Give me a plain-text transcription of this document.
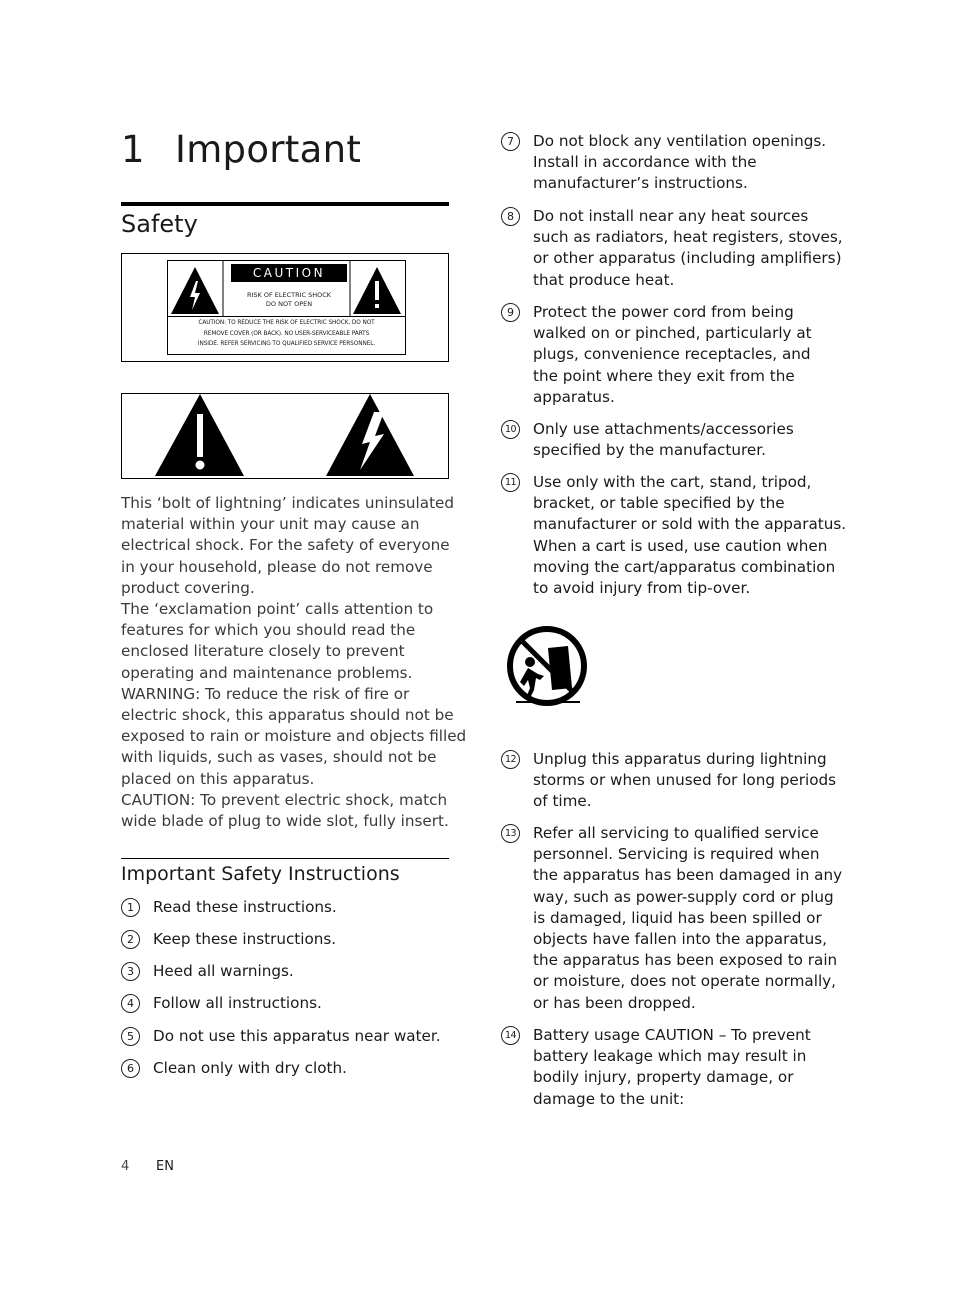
1 Important
Safety
CAUTION
RISK OF ELECTRIC SHOCK
DO NOT OPEN
CAUTION: TO REDUCE THE RISK OF ELECTRIC SHOCK, DO NOT
REMOVE COVER (OR BACK). NO USER-SERVICEABLE PARTS
INSIDE. REFER SERVICING TO QUALIFIED SERVICE PERSONNEL.
This ‘bolt of lightning’ indicates uninsulated
material within your unit may cause an
electrical shock. For the safety of everyone
in your household, please do not remove
product covering.
The ‘exclamation point’ calls attention to
features for which you should read the
enclosed literature closely to prevent
operating and maintenance problems.
WARNING: To reduce the risk of fire or
electric shock, this apparatus should not be
exposed to rain or moisture and objects filled
with liquids, such as vases, should not be
placed on this apparatus.
CAUTION: To prevent electric shock, match
wide blade of plug to wide slot, fully insert.
Important Safety Instructions
1	Read these instructions.
2	Keep these instructions.
3	Heed all warnings.
4	Follow all instructions.
5	Do not use this apparatus near water.
6	Clean only with dry cloth.
7	Do not block any ventilation openings.
Install in accordance with the
manufacturer’s instructions.
8	Do not install near any heat sources
such as radiators, heat registers, stoves,
or other apparatus (including amplifiers)
that produce heat.
9	Protect the power cord from being
walked on or pinched, particularly at
plugs, convenience receptacles, and
the point where they exit from the
apparatus.
10 Only use attachments/accessories
specified by the manufacturer.
11 Use only with the cart, stand, tripod,
bracket, or table specified by the
manufacturer or sold with the apparatus.
When a cart is used, use caution when
moving the cart/apparatus combination
to avoid injury from tip-over.
12 Unplug this apparatus during lightning
storms or when unused for long periods
of time.
13 Refer all servicing to qualified service
personnel. Servicing is required when
the apparatus has been damaged in any
way, such as power-supply cord or plug
is damaged, liquid has been spilled or
objects have fallen into the apparatus,
the apparatus has been exposed to rain
or moisture, does not operate normally,
or has been dropped.
14 Battery usage CAUTION – To prevent
battery leakage which may result in
bodily injury, property damage, or
damage to the unit:
4 EN
